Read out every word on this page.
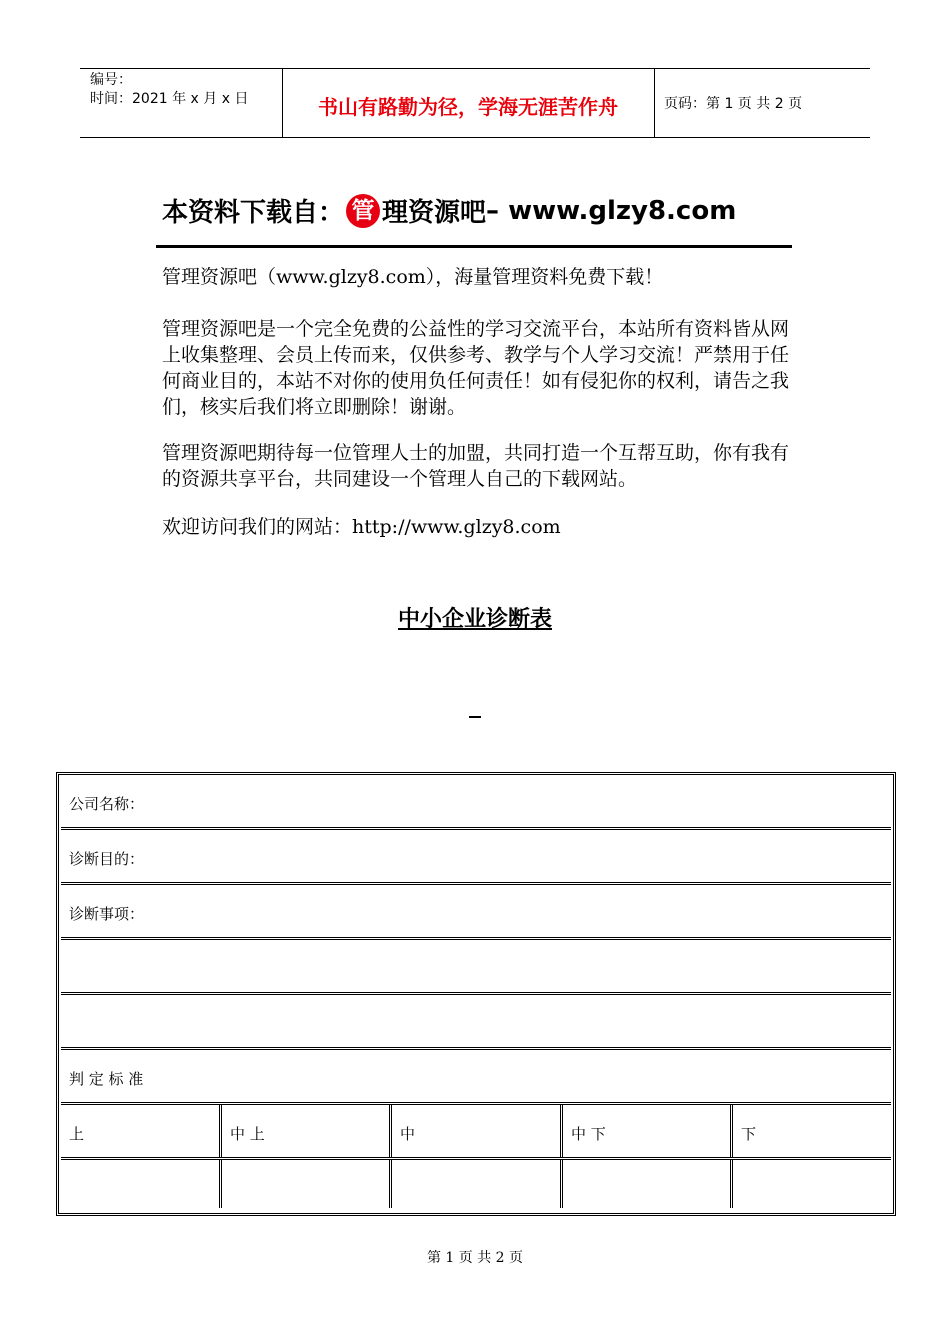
编号：
时间：2021 年 x 月 x 日	书山有路勤为径，学海无涯苦作舟	页码：第 1 页 共 2 页
本资料下载自： 管 理资源吧 – www.glzy8.com
管理资源吧（www.glzy8.com），海量管理资料免费下载！
管理资源吧是一个完全免费的公益性的学习交流平台，本站所有资料皆从网上收集整理、会员上传而来，仅供参考、教学与个人学习交流！严禁用于任何商业目的，本站不对你的使用负任何责任！如有侵犯你的权利，请告之我们，核实后我们将立即删除！谢谢。
管理资源吧期待每一位管理人士的加盟，共同打造一个互帮互助，你有我有的资源共享平台，共同建设一个管理人自己的下载网站。
欢迎访问我们的网站：http://www.glzy8.com
中小企业诊断表
公司名称：
诊断目的：
诊断事项：
判 定 标 准
上	中 上	中	中 下	下
第 1 页 共 2 页
